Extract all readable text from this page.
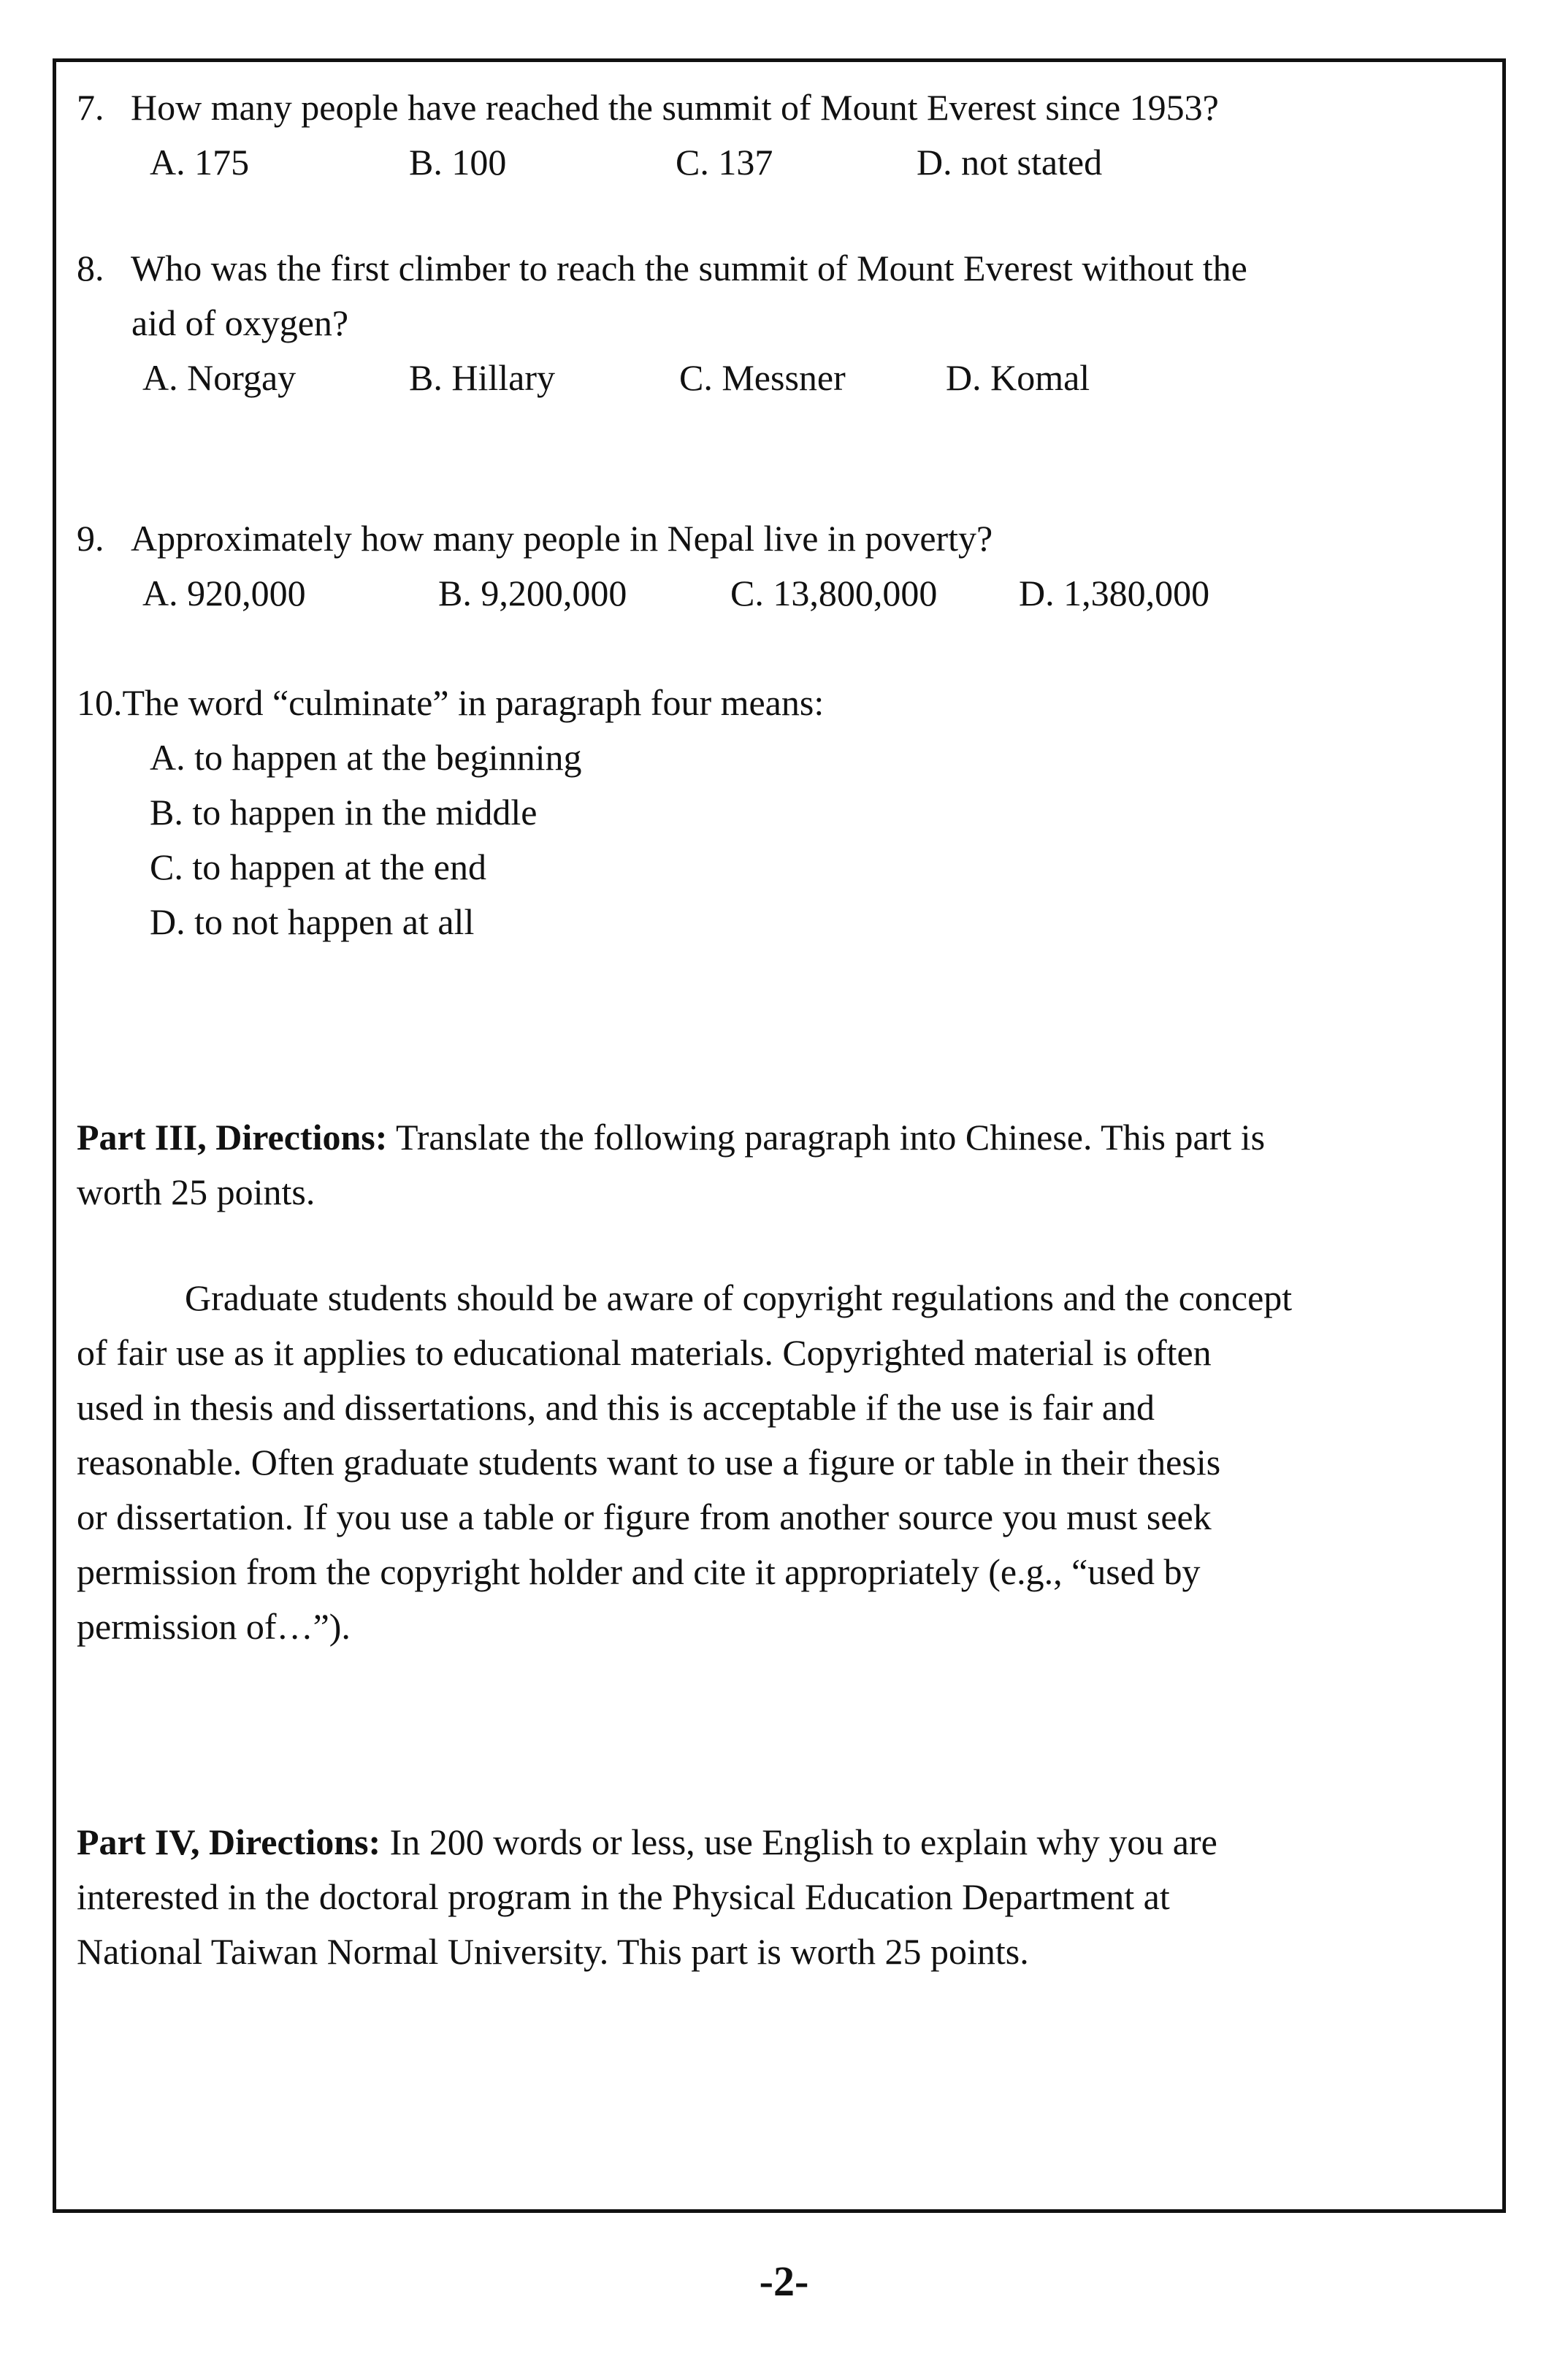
7. How many people have reached the summit of Mount Everest since 1953?
A. 175	B. 100	C. 137	D. not stated
8. Who was the first climber to reach the summit of Mount Everest without the
aid of oxygen?
A. Norgay	B. Hillary	C. Messner	D. Komal
9. Approximately how many people in Nepal live in poverty?
A. 920,000	B. 9,200,000	C. 13,800,000 D. 1,380,000
10.The word “culminate” in paragraph four means:
A. to happen at the beginning
B. to happen in the middle
C. to happen at the end
D. to not happen at all
Part III, Directions: Translate the following paragraph into Chinese. This part is
worth 25 points.
Graduate students should be aware of copyright regulations and the concept
of fair use as it applies to educational materials. Copyrighted material is often
used in thesis and dissertations, and this is acceptable if the use is fair and
reasonable. Often graduate students want to use a figure or table in their thesis
or dissertation. If you use a table or figure from another source you must seek
permission from the copyright holder and cite it appropriately (e.g., “used by
permission of…”).
Part IV, Directions: In 200 words or less, use English to explain why you are
interested in the doctoral program in the Physical Education Department at
National Taiwan Normal University. This part is worth 25 points.
-2-
